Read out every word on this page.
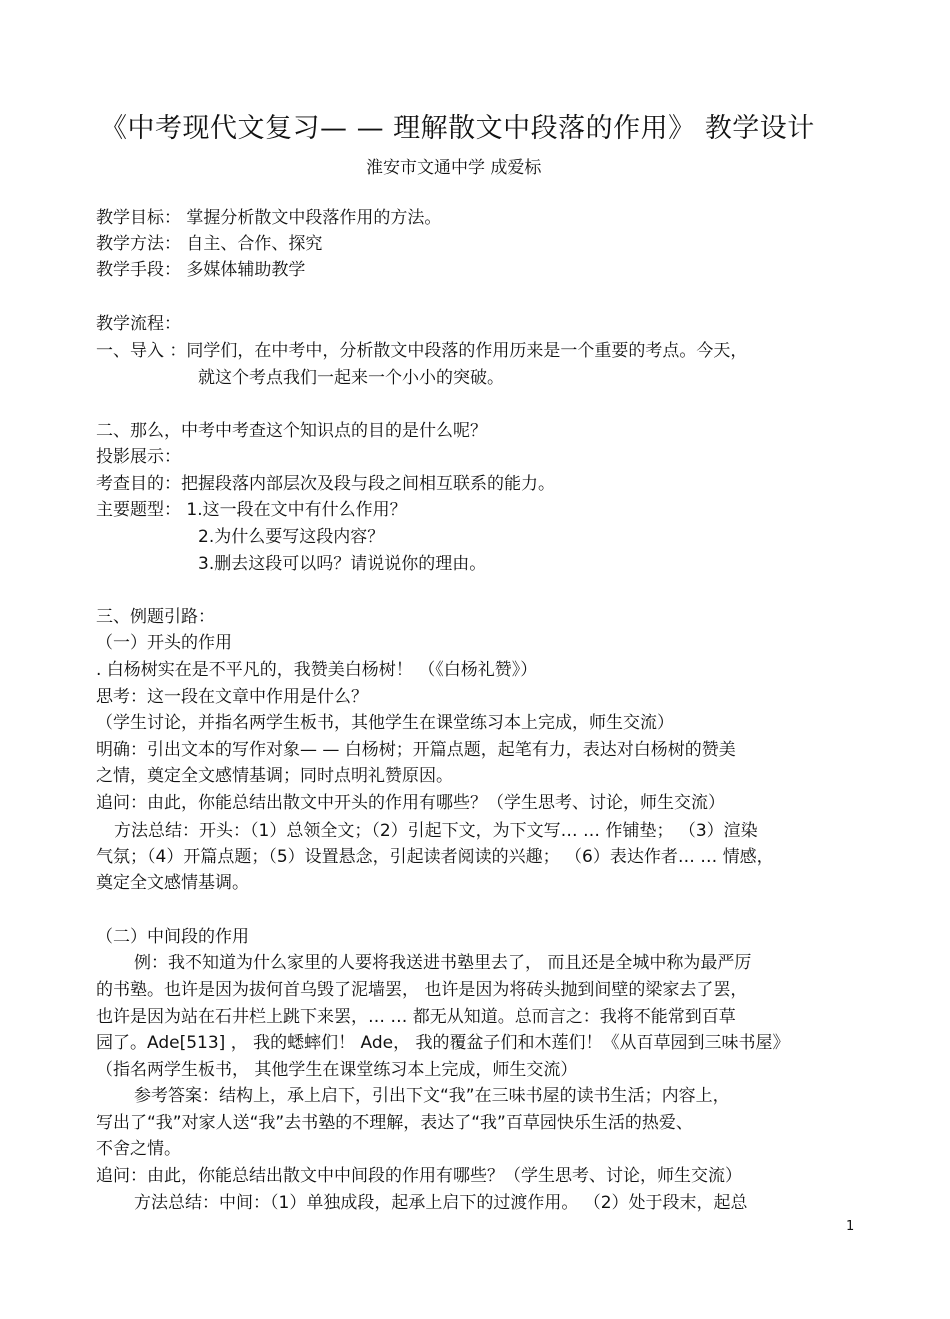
《中考现代文复习— — 理解散文中段落的作用》 教学设计
淮安市文通中学 成爱标
教学目标： 掌握分析散文中段落作用的方法。
教学方法： 自主、合作、探究
教学手段： 多媒体辅助教学
教学流程：
一、导入 ：同学们，在中考中，分析散文中段落的作用历来是一个重要的考点。今天，
就这个考点我们一起来一个小小的突破。
二、那么，中考中考查这个知识点的目的是什么呢？
投影展示：
考查目的：把握段落内部层次及段与段之间相互联系的能力。
主要题型： 1.这一段在文中有什么作用？
2.为什么要写这段内容？
3.删去这段可以吗？请说说你的理由。
三、例题引路：
（一）开头的作用
. 白杨树实在是不平凡的，我赞美白杨树！ （《白杨礼赞》）
思考：这一段在文章中作用是什么？
（学生讨论，并指名两学生板书，其他学生在课堂练习本上完成，师生交流）
明确：引出文本的写作对象— — 白杨树；开篇点题，起笔有力，表达对白杨树的赞美
之情，奠定全文感情基调；同时点明礼赞原因。
追问：由此，你能总结出散文中开头的作用有哪些？（学生思考、讨论，师生交流）
方法总结：开头：（1）总领全文；（2）引起下文，为下文写… … 作铺垫； （3）渲染
气氛；（4）开篇点题；（5）设置悬念，引起读者阅读的兴趣； （6）表达作者… … 情感，
奠定全文感情基调。
（二）中间段的作用
例：我不知道为什么家里的人要将我送进书塾里去了， 而且还是全城中称为最严厉
的书塾。也许是因为拔何首乌毁了泥墙罢， 也许是因为将砖头抛到间壁的梁家去了罢，
也许是因为站在石井栏上跳下来罢，… … 都无从知道。总而言之：我将不能常到百草
园了。Ade[513] ， 我的蟋蟀们！ Ade， 我的覆盆子们和木莲们！《从百草园到三味书屋》
（指名两学生板书， 其他学生在课堂练习本上完成，师生交流）
参考答案：结构上，承上启下，引出下文“我”在三味书屋的读书生活；内容上，
写出了“我”对家人送“我”去书塾的不理解，表达了“我”百草园快乐生活的热爱、
不舍之情。
追问：由此，你能总结出散文中中间段的作用有哪些？（学生思考、讨论，师生交流）
方法总结：中间：（1）单独成段，起承上启下的过渡作用。 （2）处于段末，起总
1
